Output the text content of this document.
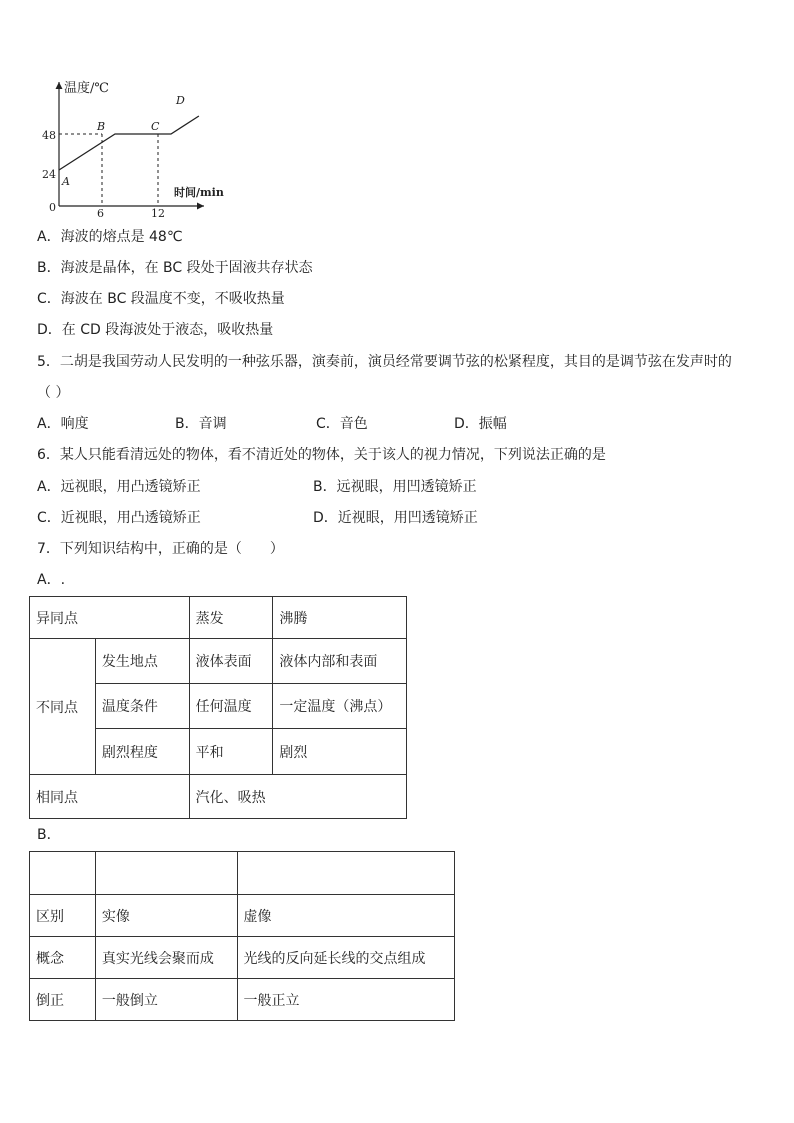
温度/℃
时间/min
48
24
0	6	12
A
B	C
D
A．海波的熔点是 48℃
B．海波是晶体，在 BC 段处于固液共存状态
C．海波在 BC 段温度不变，不吸收热量
D．在 CD 段海波处于液态，吸收热量
5．二胡是我国劳动人民发明的一种弦乐器，演奏前，演员经常要调节弦的松紧程度，其目的是调节弦在发声时的
（ ）
A．响度	B．音调	C．音色	D．振幅
6．某人只能看清远处的物体，看不清近处的物体，关于该人的视力情况，下列说法正确的是
A．远视眼，用凸透镜矫正	B．远视眼，用凹透镜矫正
C．近视眼，用凸透镜矫正	D．近视眼，用凹透镜矫正
7．下列知识结构中，正确的是（　　）
A．.
异同点		蒸发	沸腾
不同点	发生地点	液体表面	液体内部和表面
	温度条件	任何温度	一定温度（沸点）
	剧烈程度	平和	剧烈
相同点		汽化、吸热	
B．

区别	实像	虚像
概念	真实光线会聚而成	光线的反向延长线的交点组成
倒正	一般倒立	一般正立
